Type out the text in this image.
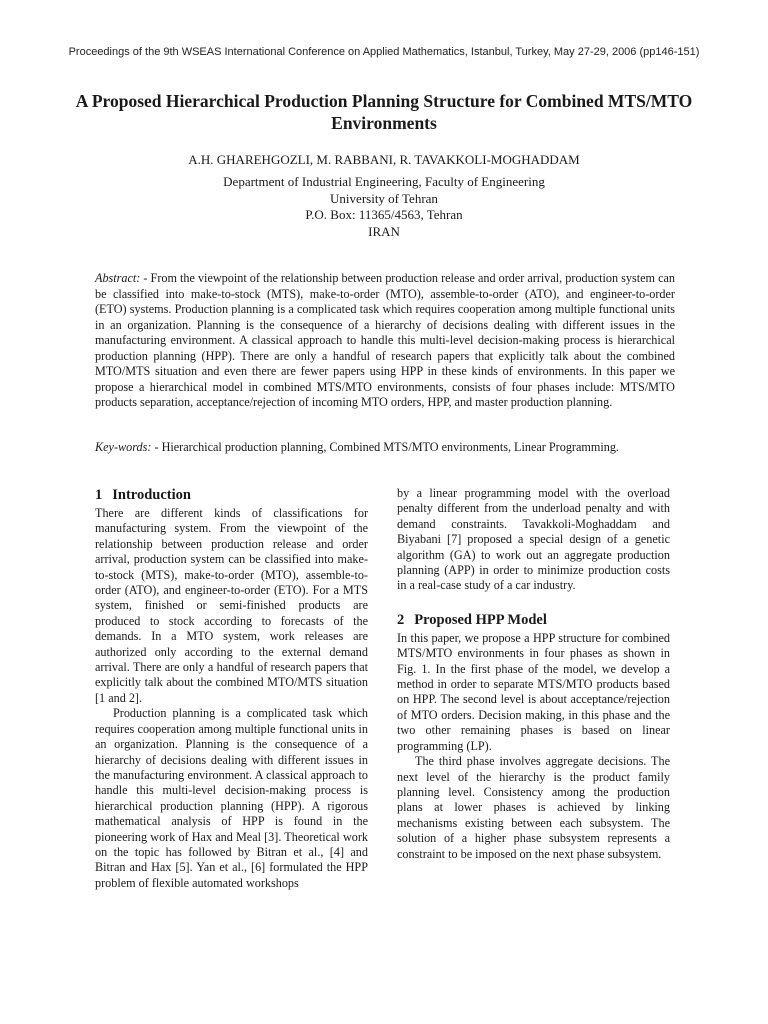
Proceedings of the 9th WSEAS International Conference on Applied Mathematics, Istanbul, Turkey, May 27-29, 2006 (pp146-151)
A Proposed Hierarchical Production Planning Structure for Combined MTS/MTO Environments
A.H. GHAREHGOZLI, M. RABBANI, R. TAVAKKOLI-MOGHADDAM
Department of Industrial Engineering, Faculty of Engineering
University of Tehran
P.O. Box: 11365/4563, Tehran
IRAN
Abstract: - From the viewpoint of the relationship between production release and order arrival, production system can be classified into make-to-stock (MTS), make-to-order (MTO), assemble-to-order (ATO), and engineer-to-order (ETO) systems. Production planning is a complicated task which requires cooperation among multiple functional units in an organization. Planning is the consequence of a hierarchy of decisions dealing with different issues in the manufacturing environment. A classical approach to handle this multi-level decision-making process is hierarchical production planning (HPP). There are only a handful of research papers that explicitly talk about the combined MTO/MTS situation and even there are fewer papers using HPP in these kinds of environments. In this paper we propose a hierarchical model in combined MTS/MTO environments, consists of four phases include: MTS/MTO products separation, acceptance/rejection of incoming MTO orders, HPP, and master production planning.
Key-words: - Hierarchical production planning, Combined MTS/MTO environments, Linear Programming.
1 Introduction

There are different kinds of classifications for manufacturing system. From the viewpoint of the relationship between production release and order arrival, production system can be classified into make-to-stock (MTS), make-to-order (MTO), assemble-to-order (ATO), and engineer-to-order (ETO). For a MTS system, finished or semi-finished products are produced to stock according to forecasts of the demands. In a MTO system, work releases are authorized only according to the external demand arrival. There are only a handful of research papers that explicitly talk about the combined MTO/MTS situation [1 and 2].

Production planning is a complicated task which requires cooperation among multiple functional units in an organization. Planning is the consequence of a hierarchy of decisions dealing with different issues in the manufacturing environment. A classical approach to handle this multi-level decision-making process is hierarchical production planning (HPP). A rigorous mathematical analysis of HPP is found in the pioneering work of Hax and Meal [3]. Theoretical work on the topic has followed by Bitran et al., [4] and Bitran and Hax [5]. Yan et al., [6] formulated the HPP problem of flexible automated workshops

by a linear programming model with the overload penalty different from the underload penalty and with demand constraints. Tavakkoli-Moghaddam and Biyabani [7] proposed a special design of a genetic algorithm (GA) to work out an aggregate production planning (APP) in order to minimize production costs in a real-case study of a car industry.

2 Proposed HPP Model

In this paper, we propose a HPP structure for combined MTS/MTO environments in four phases as shown in Fig. 1. In the first phase of the model, we develop a method in order to separate MTS/MTO products based on HPP. The second level is about acceptance/rejection of MTO orders. Decision making, in this phase and the two other remaining phases is based on linear programming (LP).

The third phase involves aggregate decisions. The next level of the hierarchy is the product family planning level. Consistency among the production plans at lower phases is achieved by linking mechanisms existing between each subsystem. The solution of a higher phase subsystem represents a constraint to be imposed on the next phase subsystem.
